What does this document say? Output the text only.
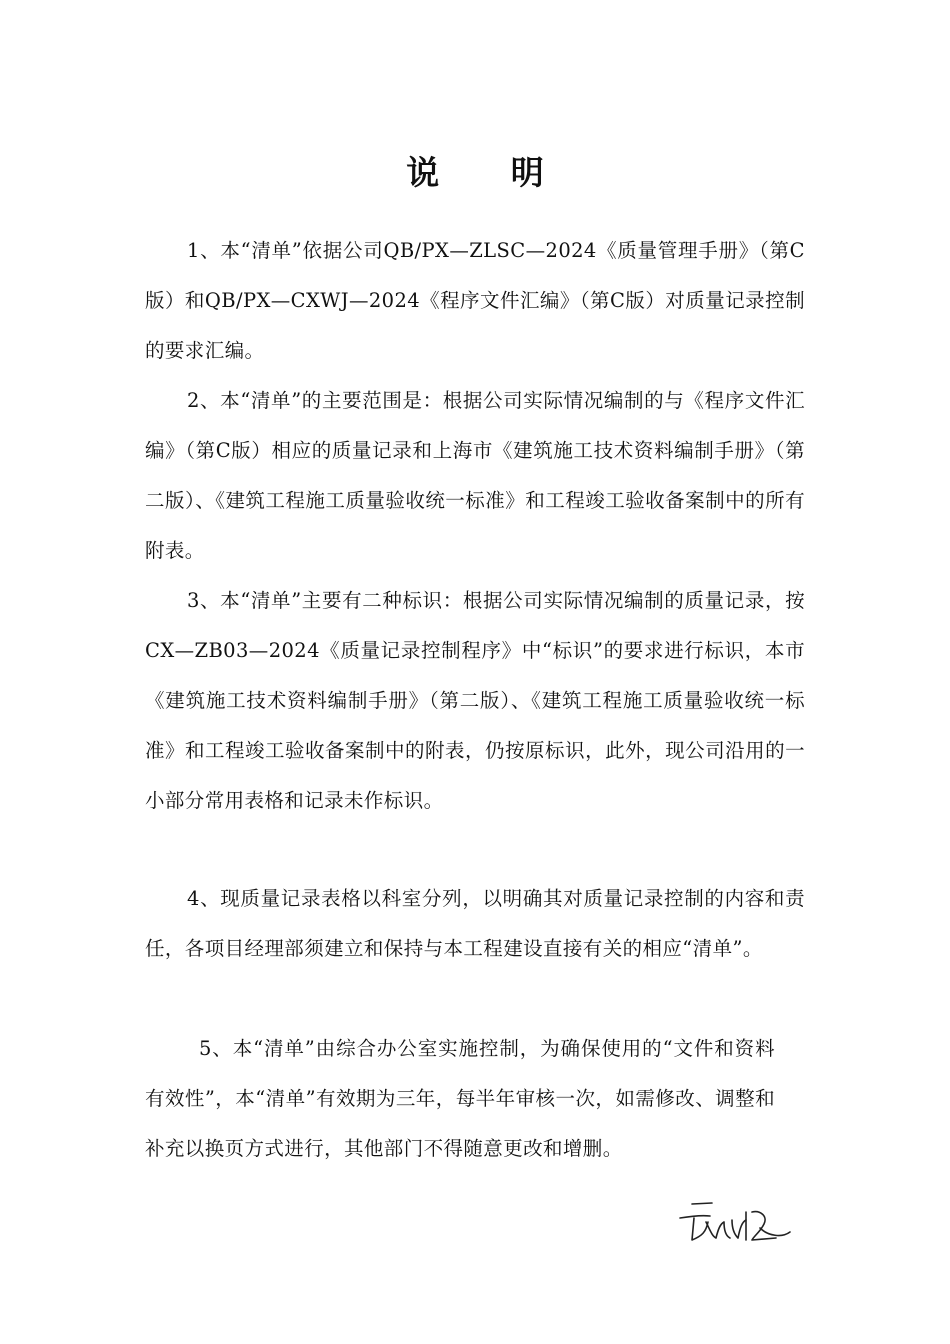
说 明

1、本“清单”依据公司QB/PX—ZLSC—2024《质量管理手册》（第C版）和QB/PX—CXWJ—2024《程序文件汇编》（第C版）对质量记录控制的要求汇编。

2、本“清单”的主要范围是：根据公司实际情况编制的与《程序文件汇编》（第C版）相应的质量记录和上海市《建筑施工技术资料编制手册》（第二版）、《建筑工程施工质量验收统一标准》和工程竣工验收备案制中的所有附表。

3、本“清单”主要有二种标识：根据公司实际情况编制的质量记录，按CX—ZB03—2024《质量记录控制程序》中“标识”的要求进行标识，本市《建筑施工技术资料编制手册》（第二版）、《建筑工程施工质量验收统一标准》和工程竣工验收备案制中的附表，仍按原标识，此外，现公司沿用的一小部分常用表格和记录未作标识。

4、现质量记录表格以科室分列，以明确其对质量记录控制的内容和责任，各项目经理部须建立和保持与本工程建设直接有关的相应“清单”。

5、本“清单”由综合办公室实施控制，为确保使用的“文件和资料有效性”，本“清单”有效期为三年，每半年审核一次，如需修改、调整和补充以换页方式进行，其他部门不得随意更改和增删。
